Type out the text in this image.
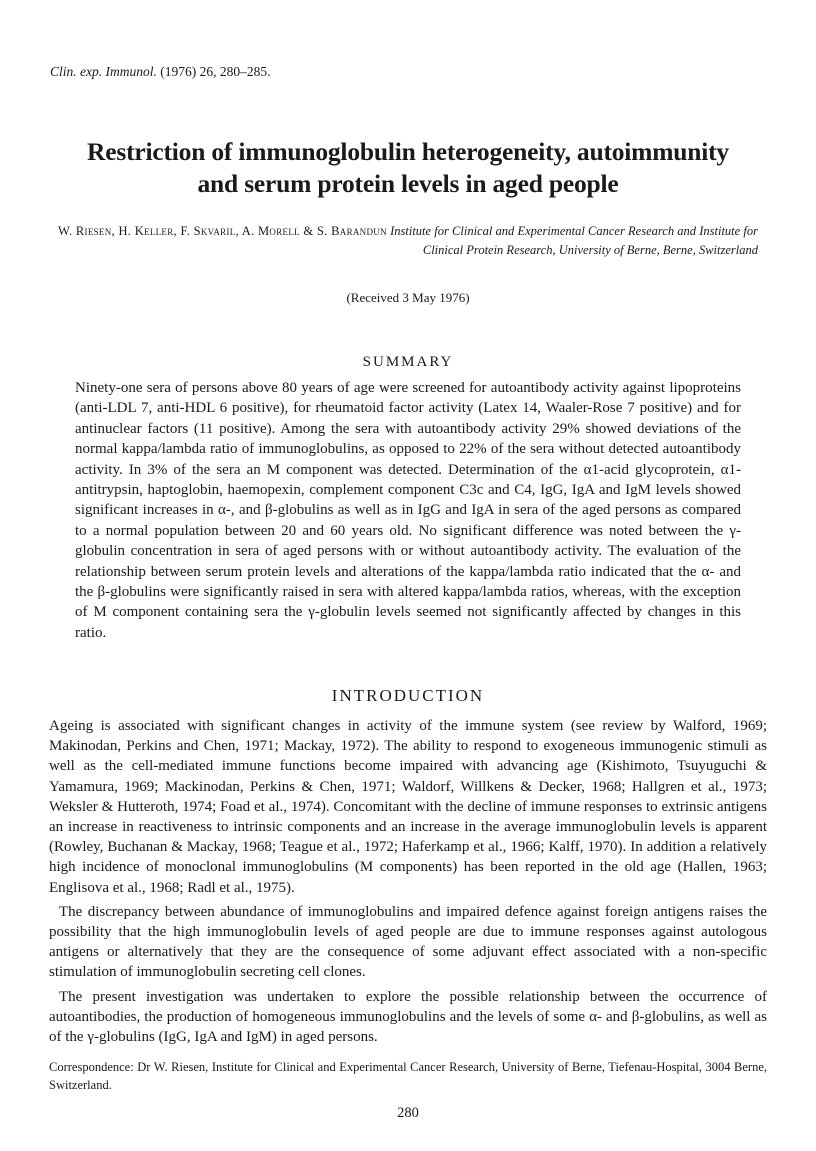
Clin. exp. Immunol. (1976) 26, 280–285.
Restriction of immunoglobulin heterogeneity, autoimmunity
and serum protein levels in aged people
W. Riesen, H. Keller, F. Skvaril, A. Morell & S. Barandun Institute for Clinical and Experimental Cancer Research and Institute for Clinical Protein Research, University of Berne, Berne, Switzerland
(Received 3 May 1976)
SUMMARY
Ninety-one sera of persons above 80 years of age were screened for autoantibody activity against lipoproteins (anti-LDL 7, anti-HDL 6 positive), for rheumatoid factor activity (Latex 14, Waaler-Rose 7 positive) and for antinuclear factors (11 positive). Among the sera with autoantibody activity 29% showed deviations of the normal kappa/lambda ratio of immunoglobulins, as opposed to 22% of the sera without detected autoantibody activity. In 3% of the sera an M component was detected. Determination of the α1-acid glycoprotein, α1-antitrypsin, haptoglobin, haemopexin, complement component C3c and C4, IgG, IgA and IgM levels showed significant increases in α-, and β-globulins as well as in IgG and IgA in sera of the aged persons as compared to a normal population between 20 and 60 years old. No significant difference was noted between the γ-globulin concentration in sera of aged persons with or without autoantibody activity. The evaluation of the relationship between serum protein levels and alterations of the kappa/lambda ratio indicated that the α- and the β-globulins were significantly raised in sera with altered kappa/lambda ratios, whereas, with the exception of M component containing sera the γ-globulin levels seemed not significantly affected by changes in this ratio.
INTRODUCTION

Ageing is associated with significant changes in activity of the immune system (see review by Walford, 1969; Makinodan, Perkins and Chen, 1971; Mackay, 1972). The ability to respond to exogeneous immunogenic stimuli as well as the cell-mediated immune functions become impaired with advancing age (Kishimoto, Tsuyuguchi & Yamamura, 1969; Mackinodan, Perkins & Chen, 1971; Waldorf, Willkens & Decker, 1968; Hallgren et al., 1973; Weksler & Hutteroth, 1974; Foad et al., 1974). Concomitant with the decline of immune responses to extrinsic antigens an increase in reactiveness to intrinsic components and an increase in the average immunoglobulin levels is apparent (Rowley, Buchanan & Mackay, 1968; Teague et al., 1972; Haferkamp et al., 1966; Kalff, 1970). In addition a relatively high incidence of monoclonal immunoglobulins (M components) has been reported in the old age (Hallen, 1963; Englisova et al., 1968; Radl et al., 1975).

The discrepancy between abundance of immunoglobulins and impaired defence against foreign antigens raises the possibility that the high immunoglobulin levels of aged people are due to immune responses against autologous antigens or alternatively that they are the consequence of some adjuvant effect associated with a non-specific stimulation of immunoglobulin secreting cell clones.

The present investigation was undertaken to explore the possible relationship between the occurrence of autoantibodies, the production of homogeneous immunoglobulins and the levels of some α- and β-globulins, as well as of the γ-globulins (IgG, IgA and IgM) in aged persons.

Correspondence: Dr W. Riesen, Institute for Clinical and Experimental Cancer Research, University of Berne, Tiefenau-Hospital, 3004 Berne, Switzerland.
280
